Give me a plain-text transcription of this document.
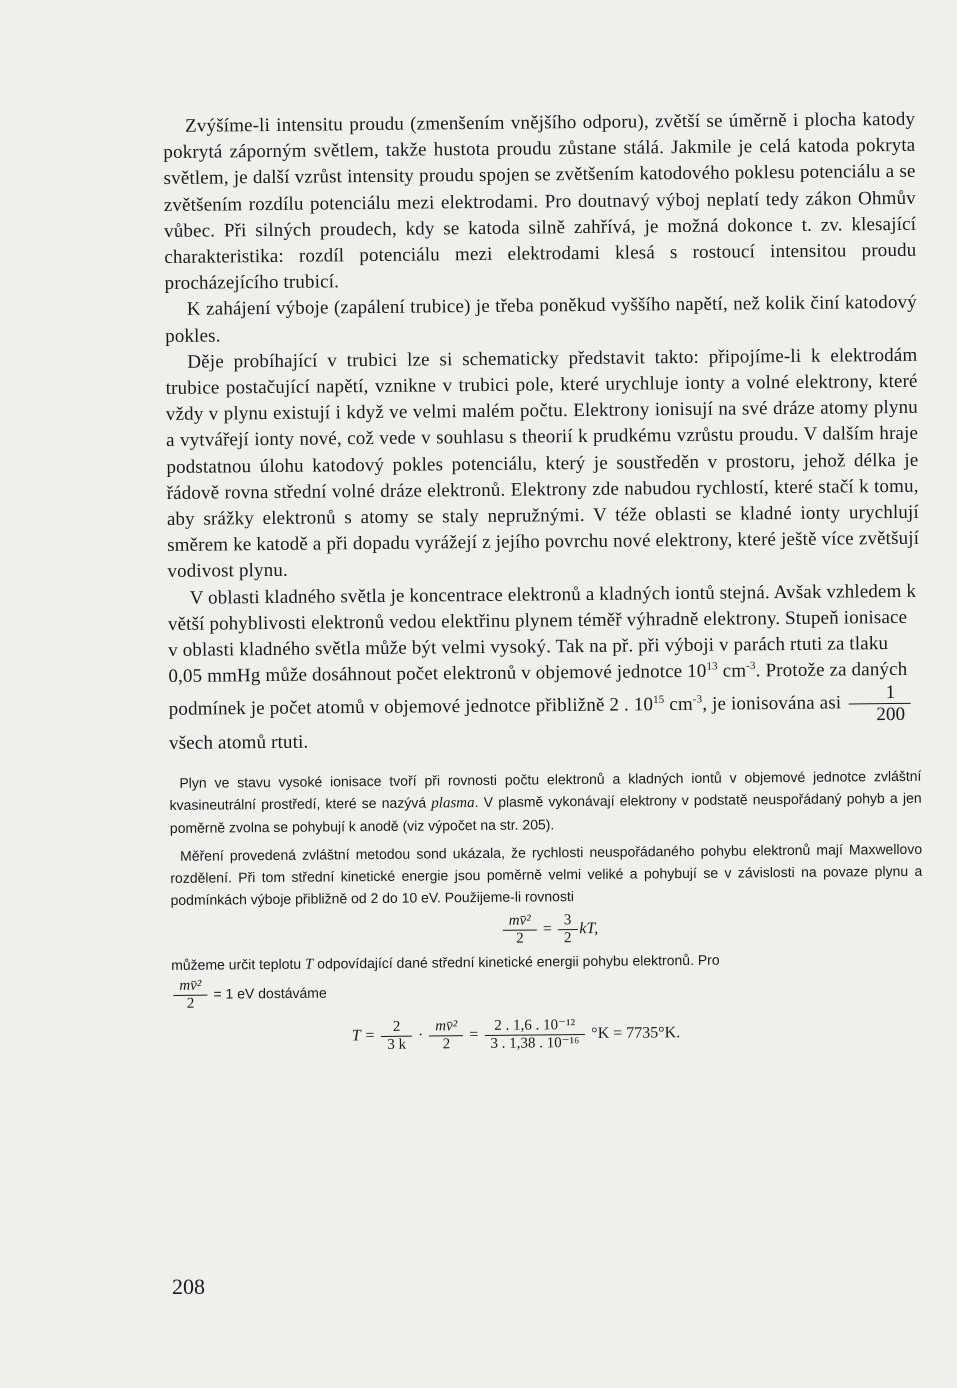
Zvýšíme-li intensitu proudu (zmenšením vnějšího odporu), zvětší se úměrně i plocha katody pokrytá záporným světlem, takže hustota proudu zůstane stálá. Jakmile je celá katoda pokryta světlem, je další vzrůst intensity proudu spojen se zvětšením katodového poklesu potenciálu a se zvětšením rozdílu potenciálu mezi elektrodami. Pro doutnavý výboj neplatí tedy zákon Ohmův vůbec. Při silných proudech, kdy se katoda silně zahřívá, je možná dokonce t. zv. klesající charakteristika: rozdíl potenciálu mezi elektrodami klesá s rostoucí intensitou proudu procházejícího trubicí.

K zahájení výboje (zapálení trubice) je třeba poněkud vyššího napětí, než kolik činí katodový pokles.

Děje probíhající v trubici lze si schematicky představit takto: připojíme-li k elektrodám trubice postačující napětí, vznikne v trubici pole, které urychluje ionty a volné elektrony, které vždy v plynu existují i když ve velmi malém počtu. Elektrony ionisují na své dráze atomy plynu a vytvářejí ionty nové, což vede v souhlasu s theorií k prudkému vzrůstu proudu. V dalším hraje podstatnou úlohu katodový pokles potenciálu, který je soustředěn v prostoru, jehož délka je řádově rovna střední volné dráze elektronů. Elektrony zde nabudou rychlostí, které stačí k tomu, aby srážky elektronů s atomy se staly nepružnými. V téže oblasti se kladné ionty urychlují směrem ke katodě a při dopadu vyrážejí z jejího povrchu nové elektrony, které ještě více zvětšují vodivost plynu.

V oblasti kladného světla je koncentrace elektronů a kladných iontů stejná. Avšak vzhledem k větší pohyblivosti elektronů vedou elektřinu plynem téměř výhradně elektrony. Stupeň ionisace v oblasti kladného světla může být velmi vysoký. Tak na př. při výboji v parách rtuti za tlaku 0,05 mmHg může dosáhnout počet elektronů v objemové jednotce $10^{13}$ $cm^{-3}$. Protože za daných podmínek je počet atomů v objemové jednotce přibližně 2 . $10^{15}$ $cm^{-3}$, je ionisována asi $\frac{1}{200}$
všech atomů rtuti.

Plyn ve stavu vysoké ionisace tvoří při rovnosti počtu elektronů a kladných iontů v objemové jednotce zvláštní kvasineutrální prostředí, které se nazývá plasma. V plasmě vykonávají elektrony v podstatě neuspořádaný pohyb a jen poměrně zvolna se pohybují k anodě (viz výpočet na str. 205).

Měření provedená zvláštní metodou sond ukázala, že rychlosti neuspořádaného pohybu elektronů mají Maxwellovo rozdělení. Při tom střední kinetické energie jsou poměrně velmi veliké a pohybují se v závislosti na povaze plynu a podmínkách výboje přibližně od 2 do 10 eV. Použijeme-li rovnosti

$\frac{\text{mv̄²}}{2} = \frac{3}{2}$ kT,

můžeme určit teplotu T odpovídající dané střední kinetické energii pohybu elektronů. Pro

$\frac{\text{mv̄²}}{2} = 1$ eV dostáváme
$T = \frac{2}{3 k} \cdot \frac{\text{mv̄²}}{2} = \frac{\text{2 . 1,6 . 10⁻¹²}}{\text{3 . 1,38 . 10⁻¹⁶}} ^\circ K = 7735^\circ K$.
208
